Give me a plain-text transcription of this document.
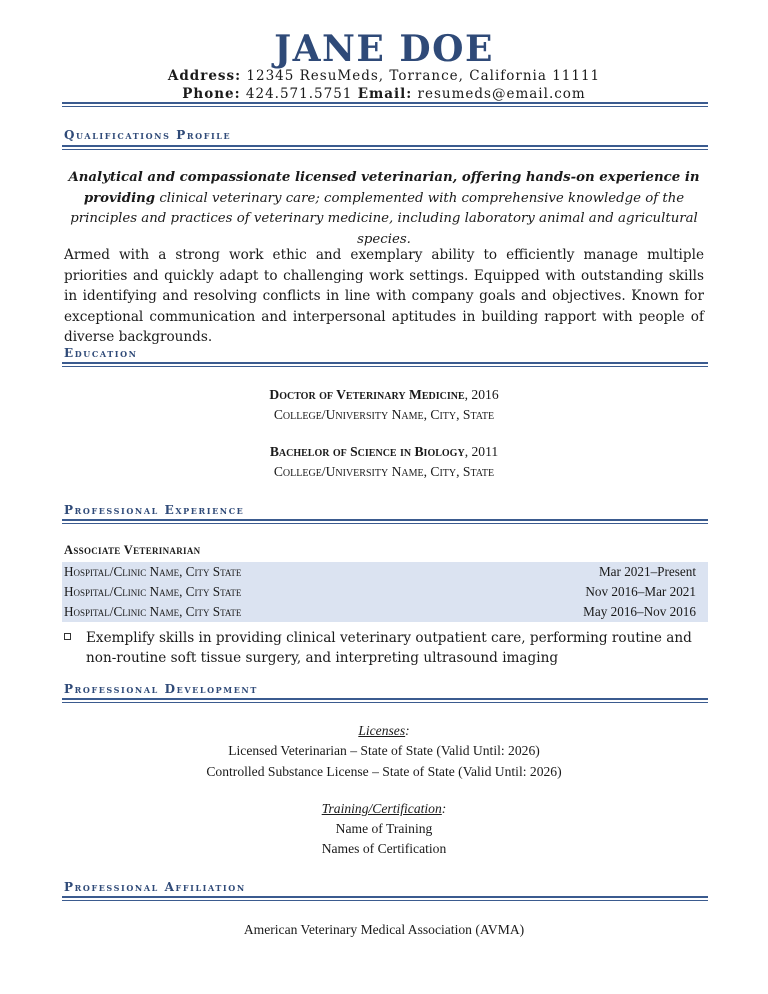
JANE DOE
Address: 12345 ResuMeds, Torrance, California 11111
Phone: 424.571.5751 Email: resumeds@email.com
Qualifications Profile
Analytical and compassionate licensed veterinarian, offering hands-on experience in providing clinical veterinary care; complemented with comprehensive knowledge of the principles and practices of veterinary medicine, including laboratory animal and agricultural species.
Armed with a strong work ethic and exemplary ability to efficiently manage multiple priorities and quickly adapt to challenging work settings. Equipped with outstanding skills in identifying and resolving conflicts in line with company goals and objectives. Known for exceptional communication and interpersonal aptitudes in building rapport with people of diverse backgrounds.
Education
Doctor of Veterinary Medicine, 2016
College/University Name, City, State
Bachelor of Science in Biology, 2011
College/University Name, City, State
Professional Experience
Associate Veterinarian
Hospital/Clinic Name, City State	Mar 2021–Present
Hospital/Clinic Name, City State	Nov 2016–Mar 2021
Hospital/Clinic Name, City State	May 2016–Nov 2016
Exemplify skills in providing clinical veterinary outpatient care, performing routine and non-routine soft tissue surgery, and interpreting ultrasound imaging
Professional Development
Licenses:
Licensed Veterinarian – State of State (Valid Until: 2026)
Controlled Substance License – State of State (Valid Until: 2026)
Training/Certification:
Name of Training
Names of Certification
Professional Affiliation
American Veterinary Medical Association (AVMA)
